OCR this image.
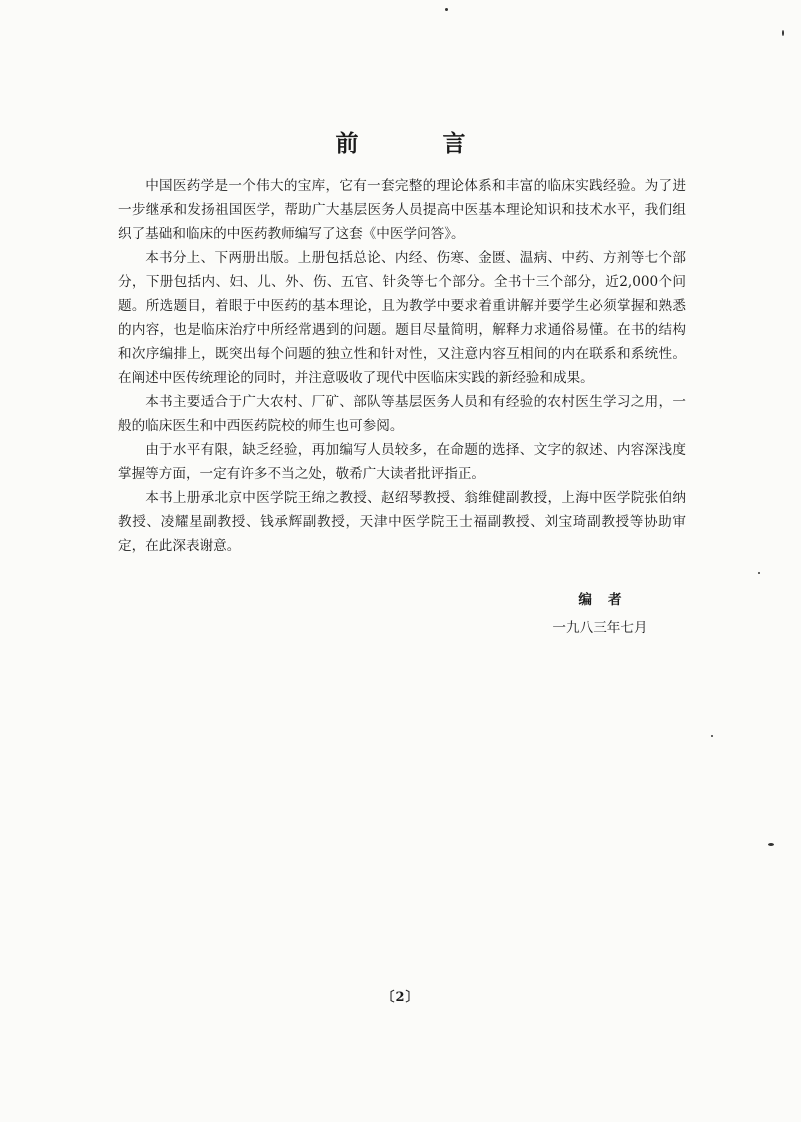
前 言

中国医药学是一个伟大的宝库，它有一套完整的理论体系和丰富的临床实践经验。为了进一步继承和发扬祖国医学，帮助广大基层医务人员提高中医基本理论知识和技术水平，我们组织了基础和临床的中医药教师编写了这套《中医学问答》。

本书分上、下两册出版。上册包括总论、内经、伤寒、金匮、温病、中药、方剂等七个部分，下册包括内、妇、儿、外、伤、五官、针灸等七个部分。全书十三个部分，近2,000个问题。所选题目，着眼于中医药的基本理论，且为教学中要求着重讲解并要学生必须掌握和熟悉的内容，也是临床治疗中所经常遇到的问题。题目尽量简明，解释力求通俗易懂。在书的结构和次序编排上，既突出每个问题的独立性和针对性，又注意内容互相间的内在联系和系统性。在阐述中医传统理论的同时，并注意吸收了现代中医临床实践的新经验和成果。

本书主要适合于广大农村、厂矿、部队等基层医务人员和有经验的农村医生学习之用，一般的临床医生和中西医药院校的师生也可参阅。

由于水平有限，缺乏经验，再加编写人员较多，在命题的选择、文字的叙述、内容深浅度掌握等方面，一定有许多不当之处，敬希广大读者批评指正。

本书上册承北京中医学院王绵之教授、赵绍琴教授、翁维健副教授，上海中医学院张伯纳教授、凌耀星副教授、钱承辉副教授，天津中医学院王士福副教授、刘宝琦副教授等协助审定，在此深表谢意。

编者
一九八三年七月
〔2〕
